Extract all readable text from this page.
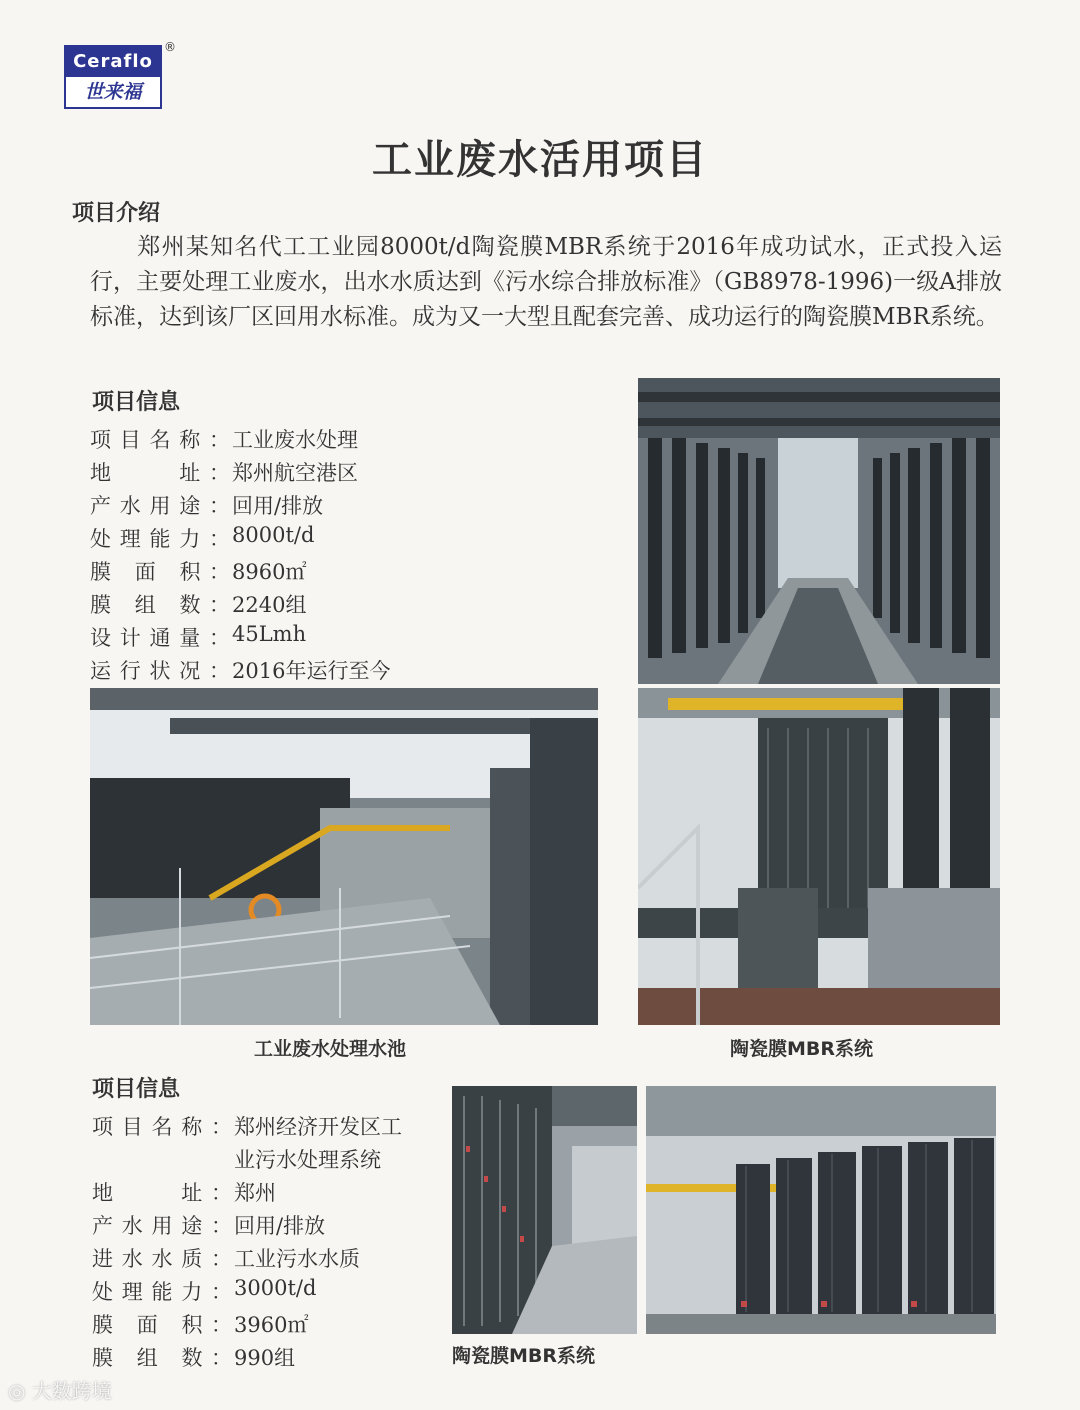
Ceraflo
世来福
®
工业废水活用项目
项目介绍
郑州某知名代工工业园8000t/d陶瓷膜MBR系统于2016年成功试水，正式投入运行，主要处理工业废水，出水水质达到《污水综合排放标准》（GB8978-1996)一级A排放标准，达到该厂区回用水标准。成为又一大型且配套完善、成功运行的陶瓷膜MBR系统。
项目信息
项目名称： 工业废水处理
地　　址： 郑州航空港区
产水用途： 回用/排放
处理能力： 8000t/d
膜 面 积： 8960㎡
膜 组 数： 2240组
设计通量： 45Lmh
运行状况： 2016年运行至今
工业废水处理水池	陶瓷膜MBR系统
项目信息
项目名称： 郑州经济开发区工
业污水处理系统
地　　址： 郑州
产水用途： 回用/排放
进水水质： 工业污水水质
处理能力： 3000t/d
膜 面 积： 3960㎡
膜 组 数： 990组	陶瓷膜MBR系统
◎ 大数跨境
